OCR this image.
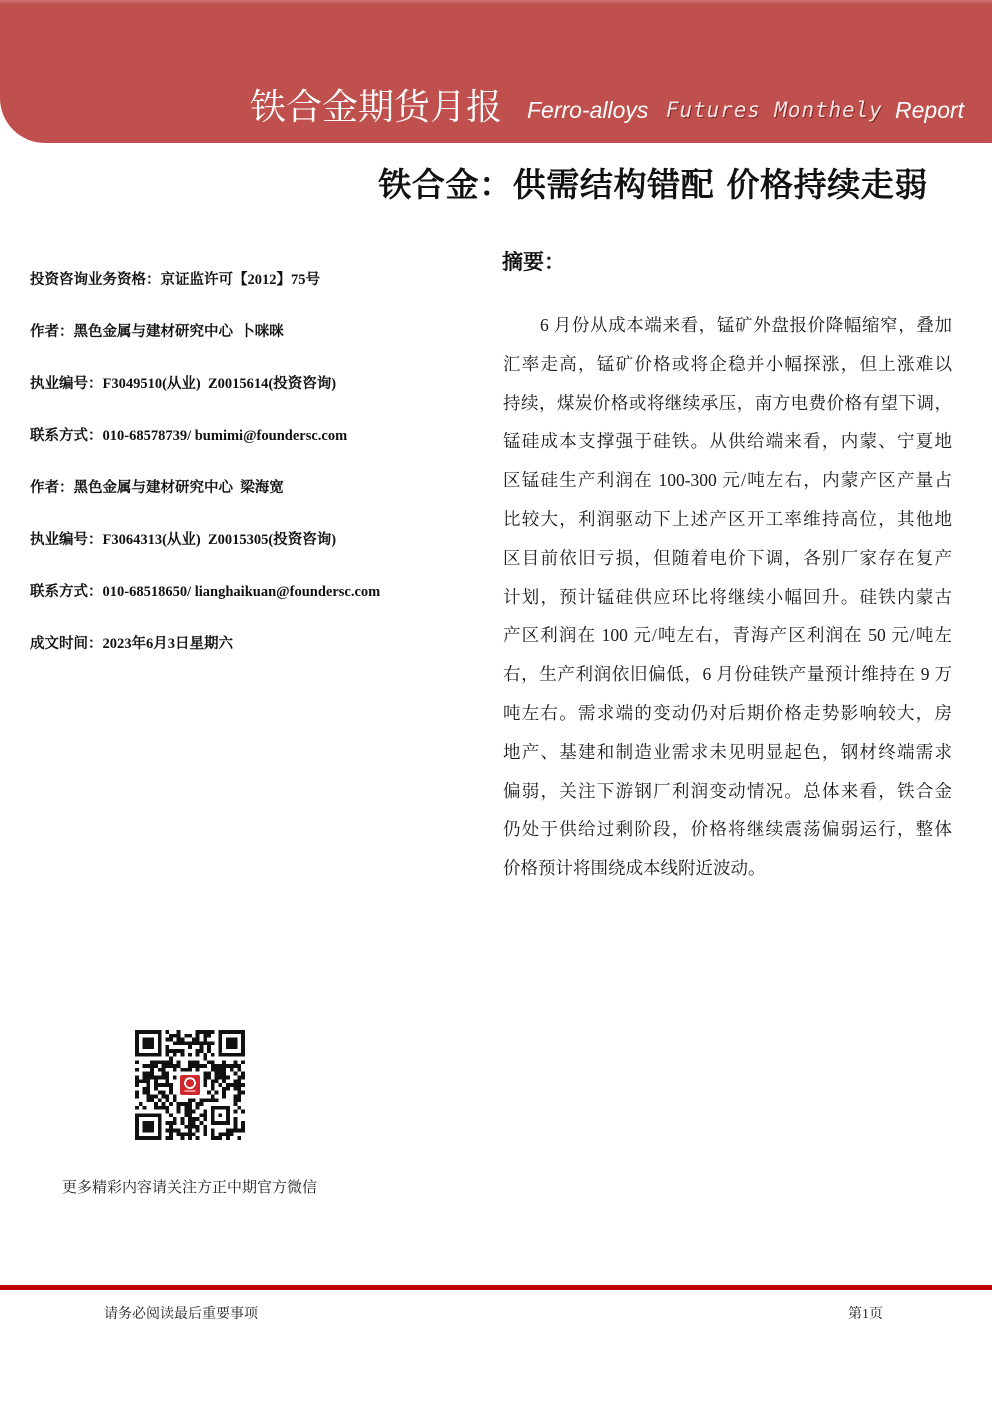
铁合金期货月报 Ferro-alloys Futures Monthely Report
铁合金：供需结构错配 价格持续走弱
投资咨询业务资格：京证监许可【2012】75号
作者：黑色金属与建材研究中心  卜咪咪
执业编号：F3049510(从业)  Z0015614(投资咨询)
联系方式：010-68578739/ bumimi@foundersc.com
作者：黑色金属与建材研究中心  梁海宽
执业编号：F3064313(从业)  Z0015305(投资咨询)
联系方式：010-68518650/ lianghaikuan@foundersc.com
成文时间：2023年6月3日星期六
摘要：
6 月份从成本端来看，锰矿外盘报价降幅缩窄，叠加
汇率走高，锰矿价格或将企稳并小幅探涨，但上涨难以
持续，煤炭价格或将继续承压，南方电费价格有望下调，
锰硅成本支撑强于硅铁。从供给端来看，内蒙、宁夏地
区锰硅生产利润在 100-300 元/吨左右，内蒙产区产量占
比较大，利润驱动下上述产区开工率维持高位，其他地
区目前依旧亏损，但随着电价下调，各别厂家存在复产
计划，预计锰硅供应环比将继续小幅回升。硅铁内蒙古
产区利润在 100 元/吨左右，青海产区利润在 50 元/吨左
右，生产利润依旧偏低，6 月份硅铁产量预计维持在 9 万
吨左右。需求端的变动仍对后期价格走势影响较大，房
地产、基建和制造业需求未见明显起色，钢材终端需求
偏弱，关注下游钢厂利润变动情况。总体来看，铁合金
仍处于供给过剩阶段，价格将继续震荡偏弱运行，整体
价格预计将围绕成本线附近波动。
更多精彩内容请关注方正中期官方微信
请务必阅读最后重要事项	第1页
